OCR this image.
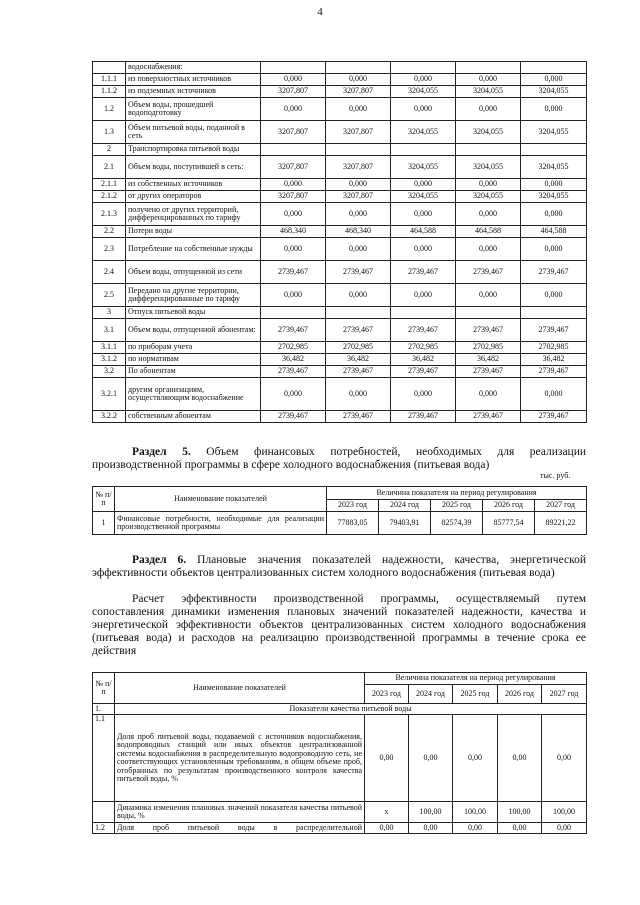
4
	водоснабжения:					
1.1.1	из поверхностных источников	0,000	0,000	0,000	0,000	0,000
1.1.2	из подземных источников	3207,807	3207,807	3204,055	3204,055	3204,055
1.2	Объем воды, прошедшей водоподготовку	0,000	0,000	0,000	0,000	0,000
1.3	Объем питьевой воды, поданной в сеть	3207,807	3207,807	3204,055	3204,055	3204,055
2	Транспортировка питьевой воды					
2.1	Объем воды, поступившей в сеть:	3207,807	3207,807	3204,055	3204,055	3204,055
2.1.1	из собственных источников	0,000	0,000	0,000	0,000	0,000
2.1.2	от других операторов	3207,807	3207,807	3204,055	3204,055	3204,055
2.1.3	получено от других территорий, дифференцированных по тарифу	0,000	0,000	0,000	0,000	0,000
2.2	Потери воды	468,340	468,340	464,588	464,588	464,588
2.3	Потребление на собственные нужды	0,000	0,000	0,000	0,000	0,000
2.4	Объем воды, отпущенной из сети	2739,467	2739,467	2739,467	2739,467	2739,467
2.5	Передано на другие территории, дифференцированные по тарифу	0,000	0,000	0,000	0,000	0,000
3	Отпуск питьевой воды					
3.1	Объем воды, отпущенной абонентам:	2739,467	2739,467	2739,467	2739,467	2739,467
3.1.1	по приборам учета	2702,985	2702,985	2702,985	2702,985	2702,985
3.1.2	по нормативам	36,482	36,482	36,482	36,482	36,482
3.2	По абонентам	2739,467	2739,467	2739,467	2739,467	2739,467
3.2.1	другим организациям, осуществляющим водоснабжение	0,000	0,000	0,000	0,000	0,000
3.2.2	собственным абонентам	2739,467	2739,467	2739,467	2739,467	2739,467
Раздел 5. Объем финансовых потребностей, необходимых для реализации производственной программы в сфере холодного водоснабжения (питьевая вода)
тыс. руб.
№ п/п	Наименование показателей	Величина показателя на период регулирования				
		2023 год	2024 год	2025 год	2026 год	2027 год
1	Финансовые потребности, необходимые для реализации производственной программы	77883,05	79403,91	82574,39	85777,54	89221,22
Раздел 6. Плановые значения показателей надежности, качества, энергетической эффективности объектов централизованных систем холодного водоснабжения (питьевая вода)
Расчет эффективности производственной программы, осуществляемый путем сопоставления динамики изменения плановых значений показателей надежности, качества и энергетической эффективности объектов централизованных систем холодного водоснабжения (питьевая вода) и расходов на реализацию производственной программы в течение срока ее действия
№ п/п	Наименование показателей	Величина показателя на период регулирования				
		2023 год	2024 год	2025 год	2026 год	2027 год
1.	Показатели качества питьевой воды					
1.1	Доля проб питьевой воды, подаваемой с источников водоснабжения, водопроводных станций или иных объектов централизованной системы водоснабжения в распределительную водопроводную сеть, не соответствующих установленным требованиям, в общем объеме проб, отобранных по результатам производственного контроля качества питьевой воды, %	0,00	0,00	0,00	0,00	0,00
	Динамика изменения плановых значений показателя качества питьевой воды, %	х	100,00	100,00	100,00	100,00
1.2	Доля проб питьевой воды в распределительной	0,00	0,00	0,00	0,00	0,00
